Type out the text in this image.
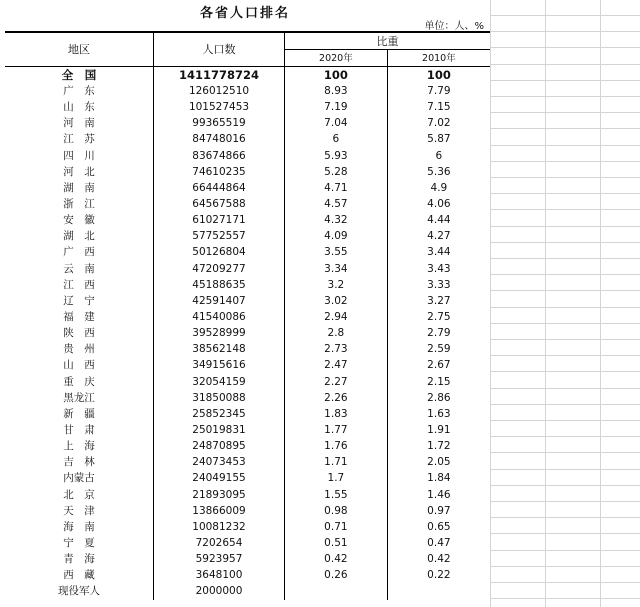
各省人口排名
单位：人、%
地区	人口数	比重	
		2020年	2010年
全　国	1411778724	100	100
广　东	126012510	8.93	7.79
山　东	101527453	7.19	7.15
河　南	99365519	7.04	7.02
江　苏	84748016	6	5.87
四　川	83674866	5.93	6
河　北	74610235	5.28	5.36
湖　南	66444864	4.71	4.9
浙　江	64567588	4.57	4.06
安　徽	61027171	4.32	4.44
湖　北	57752557	4.09	4.27
广　西	50126804	3.55	3.44
云　南	47209277	3.34	3.43
江　西	45188635	3.2	3.33
辽　宁	42591407	3.02	3.27
福　建	41540086	2.94	2.75
陕　西	39528999	2.8	2.79
贵　州	38562148	2.73	2.59
山　西	34915616	2.47	2.67
重　庆	32054159	2.27	2.15
黑龙江	31850088	2.26	2.86
新　疆	25852345	1.83	1.63
甘　肃	25019831	1.77	1.91
上　海	24870895	1.76	1.72
吉　林	24073453	1.71	2.05
内蒙古	24049155	1.7	1.84
北　京	21893095	1.55	1.46
天　津	13866009	0.98	0.97
海　南	10081232	0.71	0.65
宁　夏	7202654	0.51	0.47
青　海	5923957	0.42	0.42
西　藏	3648100	0.26	0.22
现役军人	2000000		
